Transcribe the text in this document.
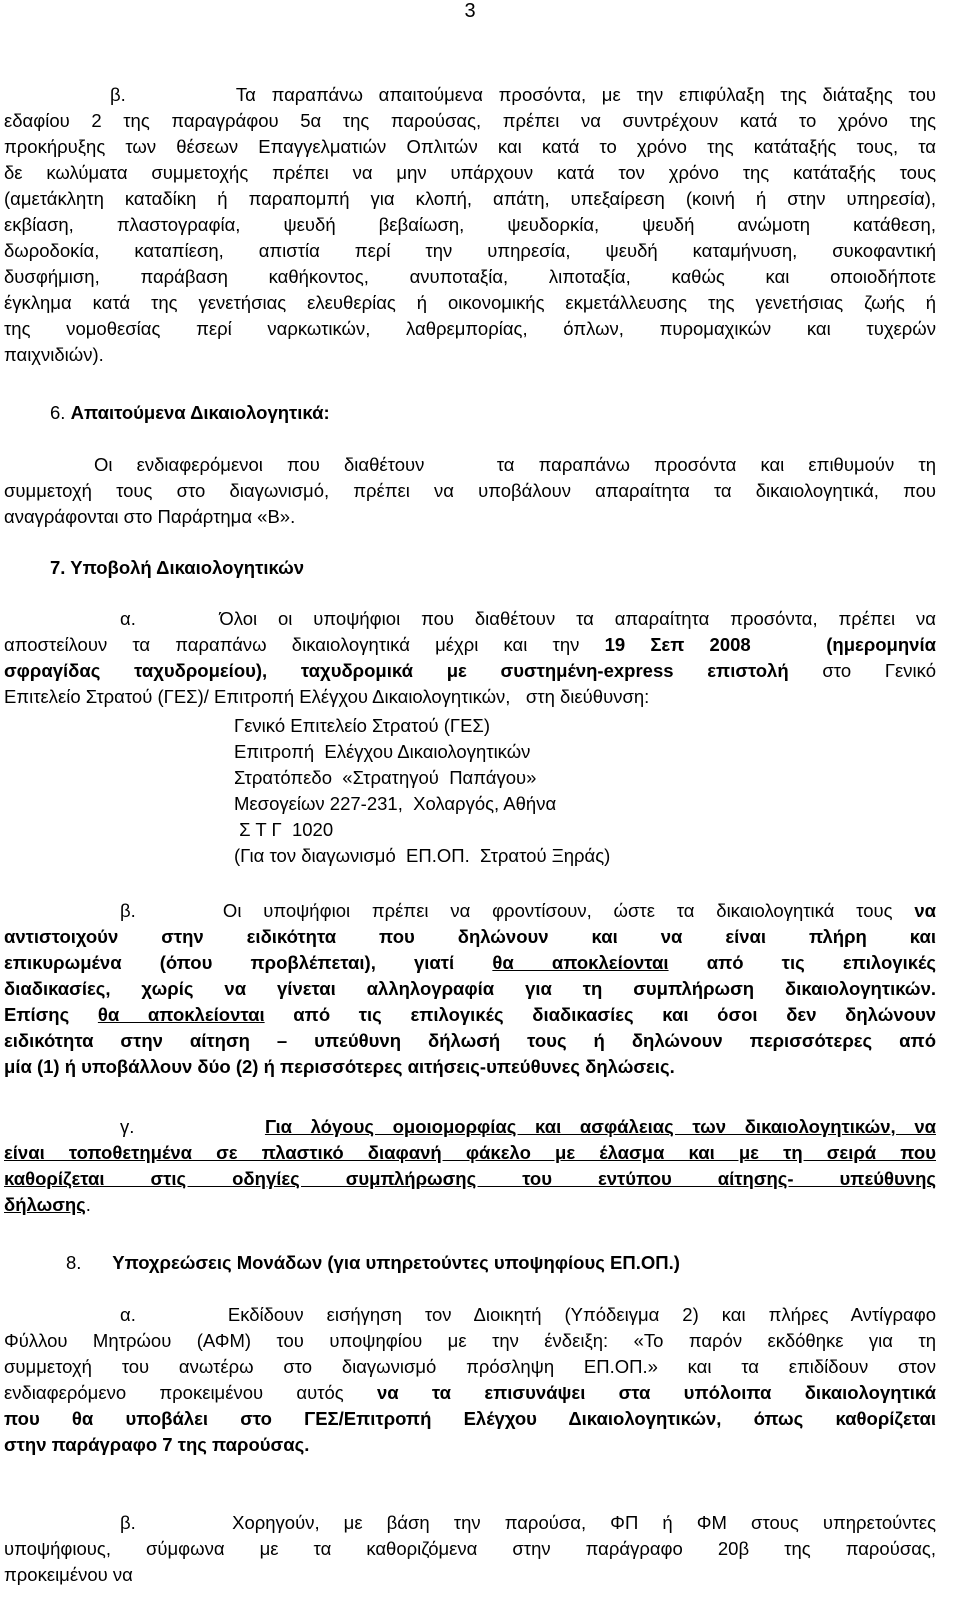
3
β.       Τα παραπάνω απαιτούμενα προσόντα, με την επιφύλαξη της διάταξης του
εδαφίου 2 της παραγράφου 5α της παρούσας, πρέπει να συντρέχουν κατά το χρόνο της
προκήρυξης των θέσεων Επαγγελματιών Οπλιτών και κατά το χρόνο της κατάταξής τους, τα
δε κωλύματα συμμετοχής πρέπει να μην υπάρχουν κατά τον χρόνο της κατάταξής τους
(αμετάκλητη καταδίκη ή παραπομπή για κλοπή, απάτη, υπεξαίρεση (κοινή ή στην υπηρεσία),
εκβίαση, πλαστογραφία, ψευδή βεβαίωση, ψευδορκία, ψευδή ανώμοτη κατάθεση,
δωροδοκία, καταπίεση, απιστία περί την υπηρεσία, ψευδή καταμήνυση, συκοφαντική
δυσφήμιση, παράβαση καθήκοντος, ανυποταξία, λιποταξία, καθώς και οποιοδήποτε
έγκλημα κατά της γενετήσιας ελευθερίας ή οικονομικής εκμετάλλευσης της γενετήσιας ζωής ή
της νομοθεσίας περί ναρκωτικών, λαθρεμπορίας, όπλων, πυρομαχικών και τυχερών
παιχνιδιών).
6. Απαιτούμενα Δικαιολογητικά:
Οι ενδιαφερόμενοι που διαθέτουν   τα παραπάνω προσόντα και επιθυμούν τη
συμμετοχή τους στο διαγωνισμό, πρέπει να υποβάλουν απαραίτητα τα δικαιολογητικά, που
αναγράφονται στο Παράρτημα «Β».
7. Υποβολή Δικαιολογητικών
α.    Όλοι οι υποψήφιοι που διαθέτουν τα απαραίτητα προσόντα, πρέπει να
αποστείλουν τα παραπάνω δικαιολογητικά μέχρι και την 19 Σεπ 2008   (ημερομηνία
σφραγίδας ταχυδρομείου), ταχυδρομικά με συστημένη-express επιστολή στο Γενικό
Επιτελείο Στρατού (ΓΕΣ)/ Επιτροπή Ελέγχου Δικαιολογητικών,   στη διεύθυνση:
Γενικό Επιτελείο Στρατού (ΓΕΣ)
Επιτροπή  Ελέγχου Δικαιολογητικών
Στρατόπεδο  «Στρατηγού  Παπάγου»
Μεσογείων 227-231,  Χολαργός, Αθήνα
Σ Τ Γ  1020
(Για τον διαγωνισμό  ΕΠ.ΟΠ.  Στρατού Ξηράς)
β.    Οι υποψήφιοι πρέπει να φροντίσουν, ώστε τα δικαιολογητικά τους να
αντιστοιχούν στην ειδικότητα που δηλώνουν και να είναι πλήρη και
επικυρωμένα (όπου προβλέπεται), γιατί θα αποκλείονται από τις επιλογικές
διαδικασίες, χωρίς να γίνεται αλληλογραφία για τη συμπλήρωση δικαιολογητικών.
Επίσης θα αποκλείονται από τις επιλογικές διαδικασίες και όσοι δεν δηλώνουν
ειδικότητα στην αίτηση – υπεύθυνη δήλωσή τους ή δηλώνουν περισσότερες από
μία (1) ή υποβάλλουν δύο (2) ή περισσότερες αιτήσεις-υπεύθυνες δηλώσεις.
γ.	Για λόγους ομοιομορφίας και ασφάλειας των δικαιολογητικών, να
είναι τοποθετημένα σε πλαστικό διαφανή φάκελο με έλασμα και με τη σειρά που
καθορίζεται στις οδηγίες συμπλήρωσης του εντύπου αίτησης- υπεύθυνης
δήλωσης.
8. Υποχρεώσεις Μονάδων (για υπηρετούντες υποψηφίους ΕΠ.ΟΠ.)
α.    Εκδίδουν εισήγηση τον Διοικητή (Υπόδειγμα 2) και πλήρες Αντίγραφο
Φύλλου Μητρώου (ΑΦΜ) του υποψηφίου με την ένδειξη: «Το παρόν εκδόθηκε για τη
συμμετοχή του ανωτέρω στο διαγωνισμό πρόσληψη ΕΠ.ΟΠ.» και τα επιδίδουν στον
ενδιαφερόμενο προκειμένου αυτός να τα επισυνάψει στα υπόλοιπα δικαιολογητικά
που θα υποβάλει στο ΓΕΣ/Επιτροπή Ελέγχου Δικαιολογητικών, όπως καθορίζεται
στην παράγραφο 7 της παρούσας.
β.    Χορηγούν, με βάση την παρούσα, ΦΠ ή ΦΜ στους υπηρετούντες
υποψήφιους, σύμφωνα με τα καθοριζόμενα στην παράγραφο 20β της παρούσας,
προκειμένου να
